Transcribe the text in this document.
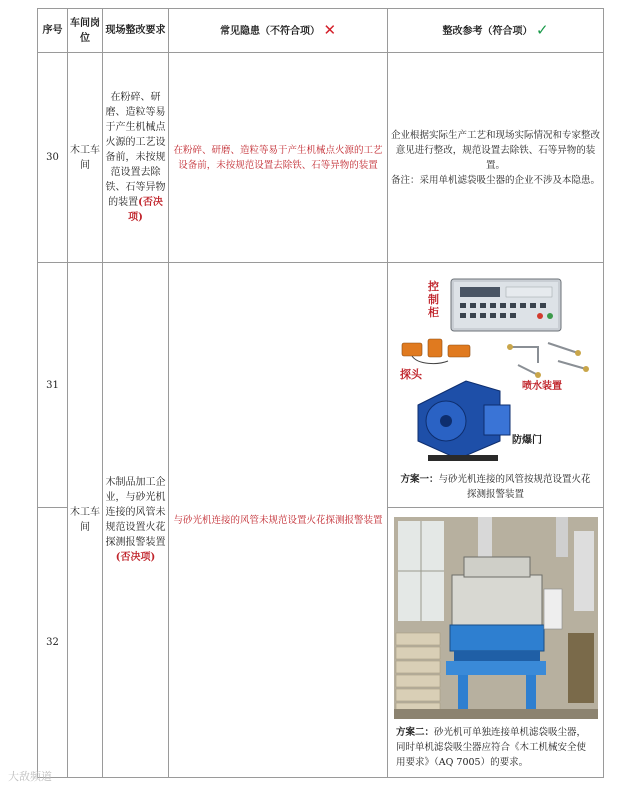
序号	车间岗位	现场整改要求	常见隐患（不符合项） ✕	整改参考（符合项） ✓
30	木工车间	在粉碎、研磨、造粒等易于产生机械点火源的工艺设备前，未按规范设置去除铁、石等异物的装置(否决项)	在粉碎、研磨、造粒等易于产生机械点火源的工艺设备前，未按规范设置去除铁、石等异物的装置	企业根据实际生产工艺和现场实际情况和专家整改意见进行整改，规范设置去除铁、石等异物的装置。
备注：采用单机滤袋吸尘器的企业不涉及本隐患。

31	木工车间	木制品加工企业，与砂光机连接的风管未规范设置火花探测报警装置(否决项)	与砂光机连接的风管未规范设置火花探测报警装置	控制柜
探头
喷水装置
防爆门
方案一：与砂光机连接的风管按规范设置火花探测报警装置

32				方案二：砂光机可单独连接单机滤袋吸尘器，同时单机滤袋吸尘器应符合《木工机械安全使用要求》（AQ 7005）的要求。
大敌频道
